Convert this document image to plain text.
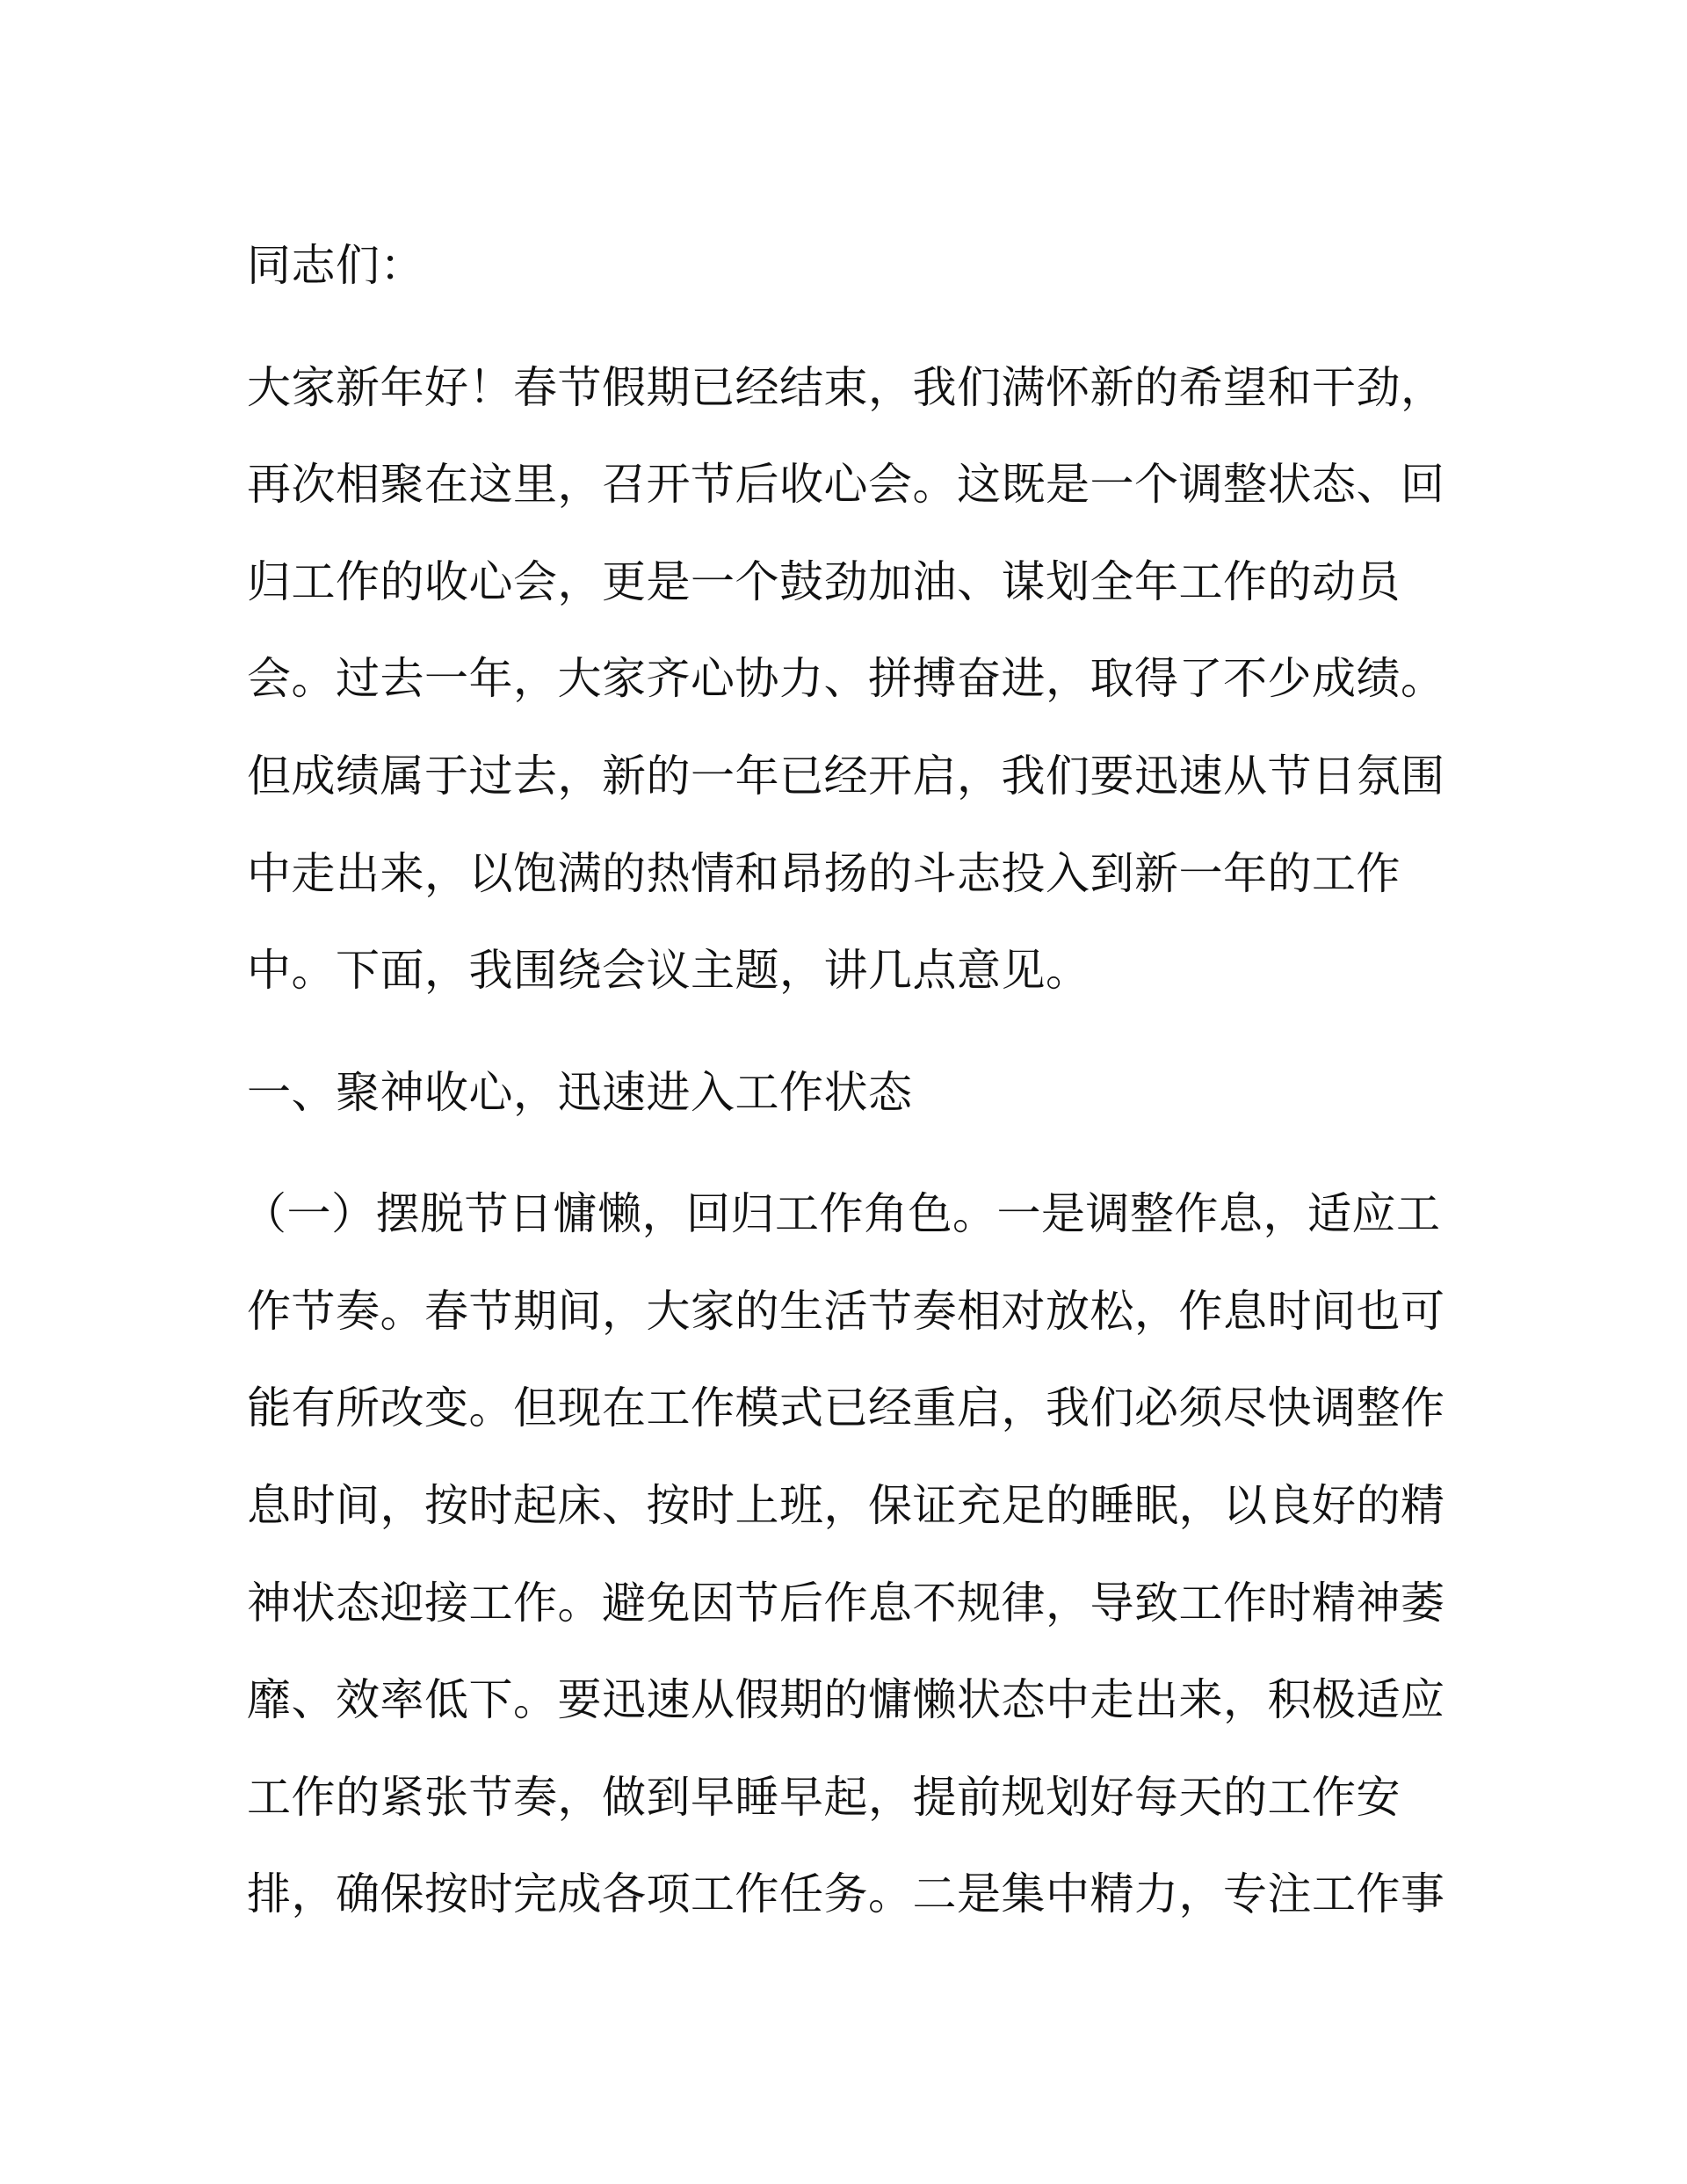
同志们：
大家新年好！春节假期已经结束，我们满怀新的希望和干劲，
再次相聚在这里，召开节后收心会。这既是一个调整状态、回
归工作的收心会，更是一个鼓劲加油、谋划全年工作的动员
会。过去一年，大家齐心协力、拼搏奋进，取得了不少成绩。
但成绩属于过去，新的一年已经开启，我们要迅速从节日氛围
中走出来，以饱满的热情和昂扬的斗志投入到新一年的工作
中。下面，我围绕会议主题，讲几点意见。
一、聚神收心，迅速进入工作状态
（一）摆脱节日慵懒，回归工作角色。一是调整作息，适应工
作节奏。春节期间，大家的生活节奏相对放松，作息时间也可
能有所改变。但现在工作模式已经重启，我们必须尽快调整作
息时间，按时起床、按时上班，保证充足的睡眠，以良好的精
神状态迎接工作。避免因节后作息不规律，导致工作时精神萎
靡、效率低下。要迅速从假期的慵懒状态中走出来，积极适应
工作的紧张节奏，做到早睡早起，提前规划好每天的工作安
排，确保按时完成各项工作任务。二是集中精力，专注工作事
